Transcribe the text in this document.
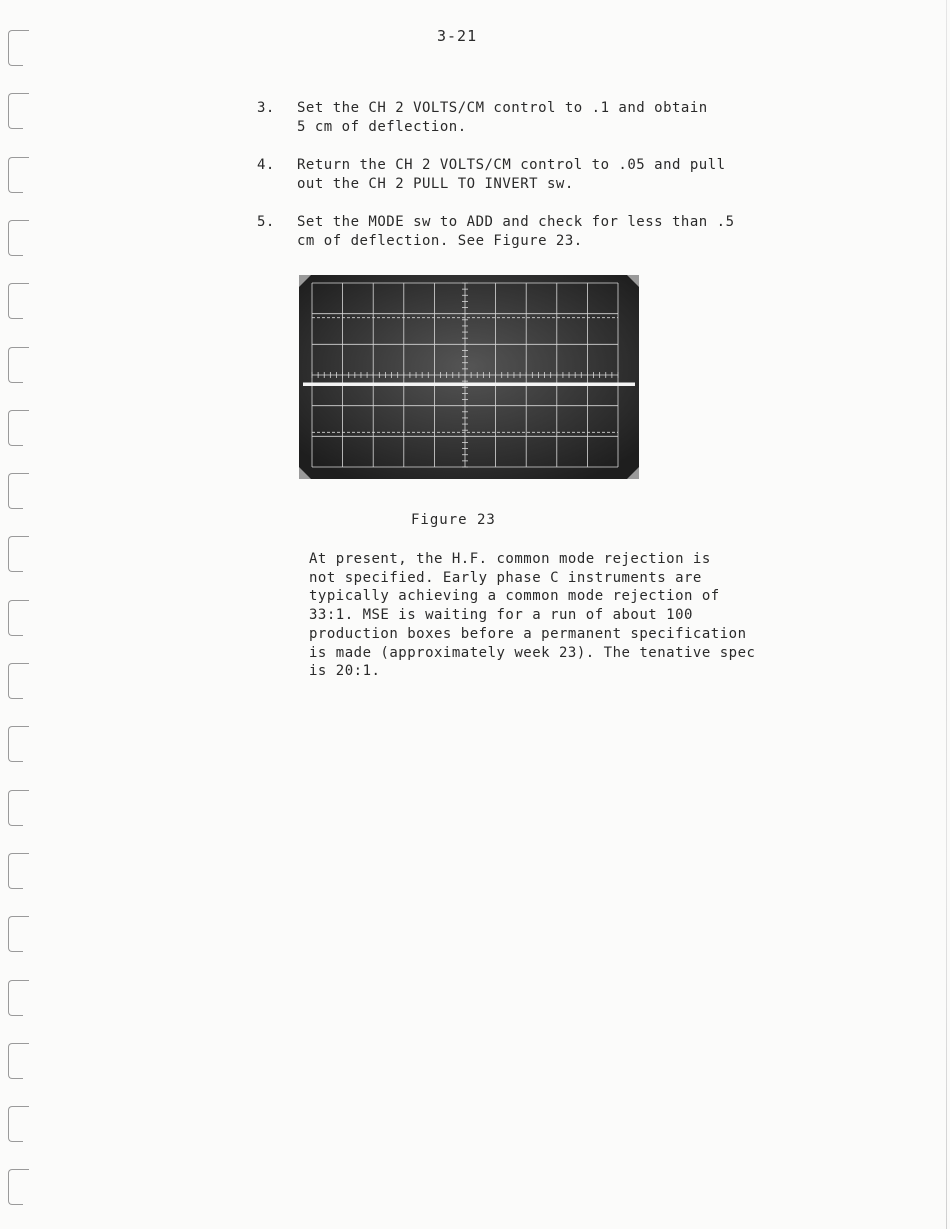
3-21
3.	Set the CH 2 VOLTS/CM control to .1 and obtain
5 cm of deflection.
4.	Return the CH 2 VOLTS/CM control to .05 and pull
out the CH 2 PULL TO INVERT sw.
5.	Set the MODE sw to ADD and check for less than .5
cm of deflection. See Figure 23.
Figure 23
At present, the H.F. common mode rejection is
not specified. Early phase C instruments are
typically achieving a common mode rejection of
33:1. MSE is waiting for a run of about 100
production boxes before a permanent specification
is made (approximately week 23). The tenative spec
is 20:1.
